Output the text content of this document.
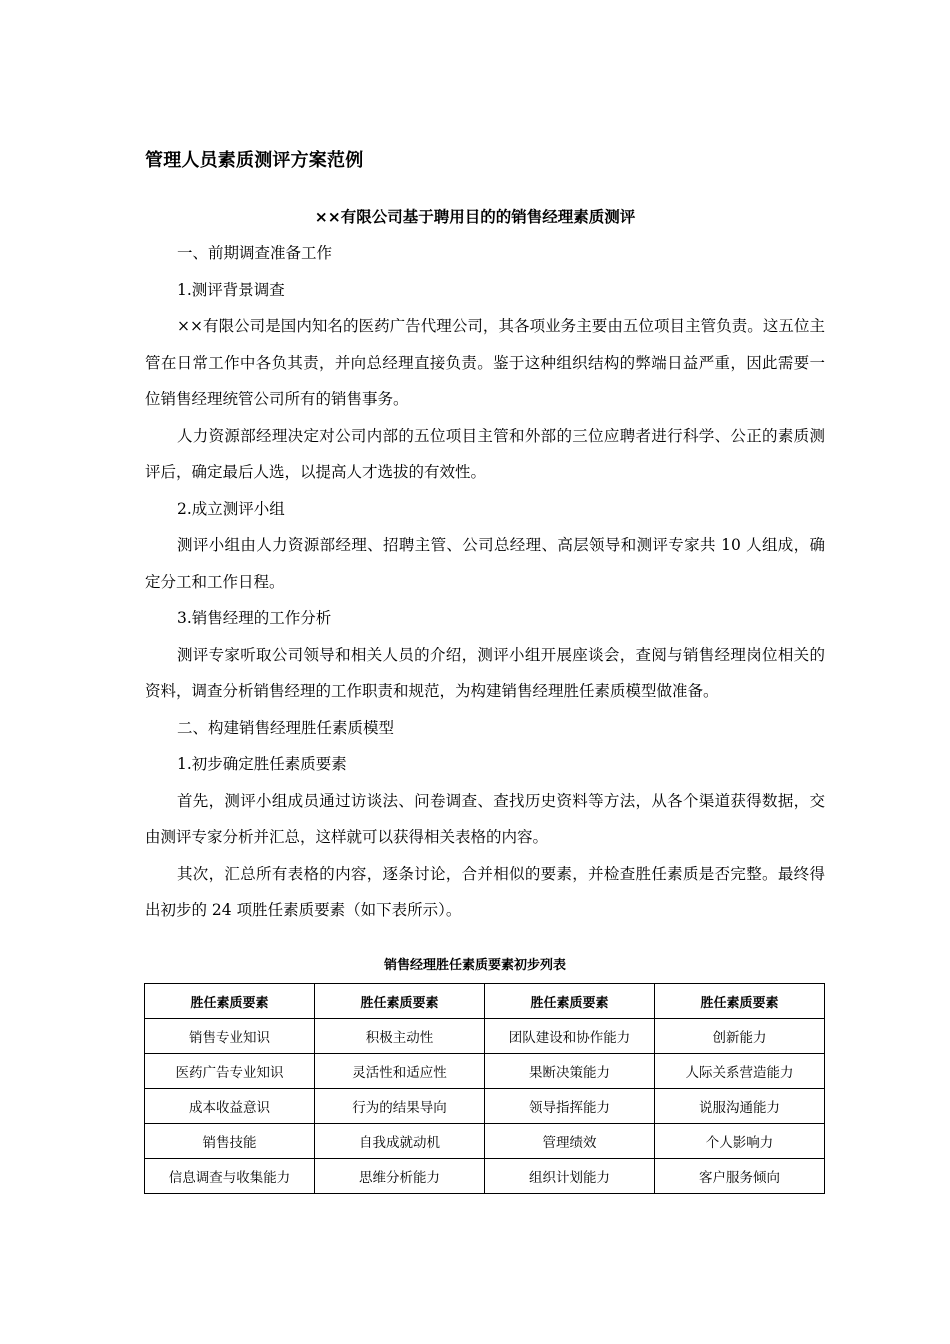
管理人员素质测评方案范例
××有限公司基于聘用目的的销售经理素质测评

一、前期调查准备工作

1.测评背景调查

××有限公司是国内知名的医药广告代理公司，其各项业务主要由五位项目主管负责。这五位主管在日常工作中各负其责，并向总经理直接负责。鉴于这种组织结构的弊端日益严重，因此需要一位销售经理统管公司所有的销售事务。

人力资源部经理决定对公司内部的五位项目主管和外部的三位应聘者进行科学、公正的素质测评后，确定最后人选，以提高人才选拔的有效性。

2.成立测评小组

测评小组由人力资源部经理、招聘主管、公司总经理、高层领导和测评专家共 10 人组成，确定分工和工作日程。

3.销售经理的工作分析

测评专家听取公司领导和相关人员的介绍，测评小组开展座谈会，查阅与销售经理岗位相关的资料，调查分析销售经理的工作职责和规范，为构建销售经理胜任素质模型做准备。

二、构建销售经理胜任素质模型

1.初步确定胜任素质要素

首先，测评小组成员通过访谈法、问卷调查、查找历史资料等方法，从各个渠道获得数据，交由测评专家分析并汇总，这样就可以获得相关表格的内容。

其次，汇总所有表格的内容，逐条讨论，合并相似的要素，并检查胜任素质是否完整。最终得出初步的 24 项胜任素质要素（如下表所示）。

销售经理胜任素质要素初步列表
胜任素质要素	胜任素质要素	胜任素质要素	胜任素质要素
销售专业知识	积极主动性	团队建设和协作能力	创新能力
医药广告专业知识	灵活性和适应性	果断决策能力	人际关系营造能力
成本收益意识	行为的结果导向	领导指挥能力	说服沟通能力
销售技能	自我成就动机	管理绩效	个人影响力
信息调查与收集能力	思维分析能力	组织计划能力	客户服务倾向
